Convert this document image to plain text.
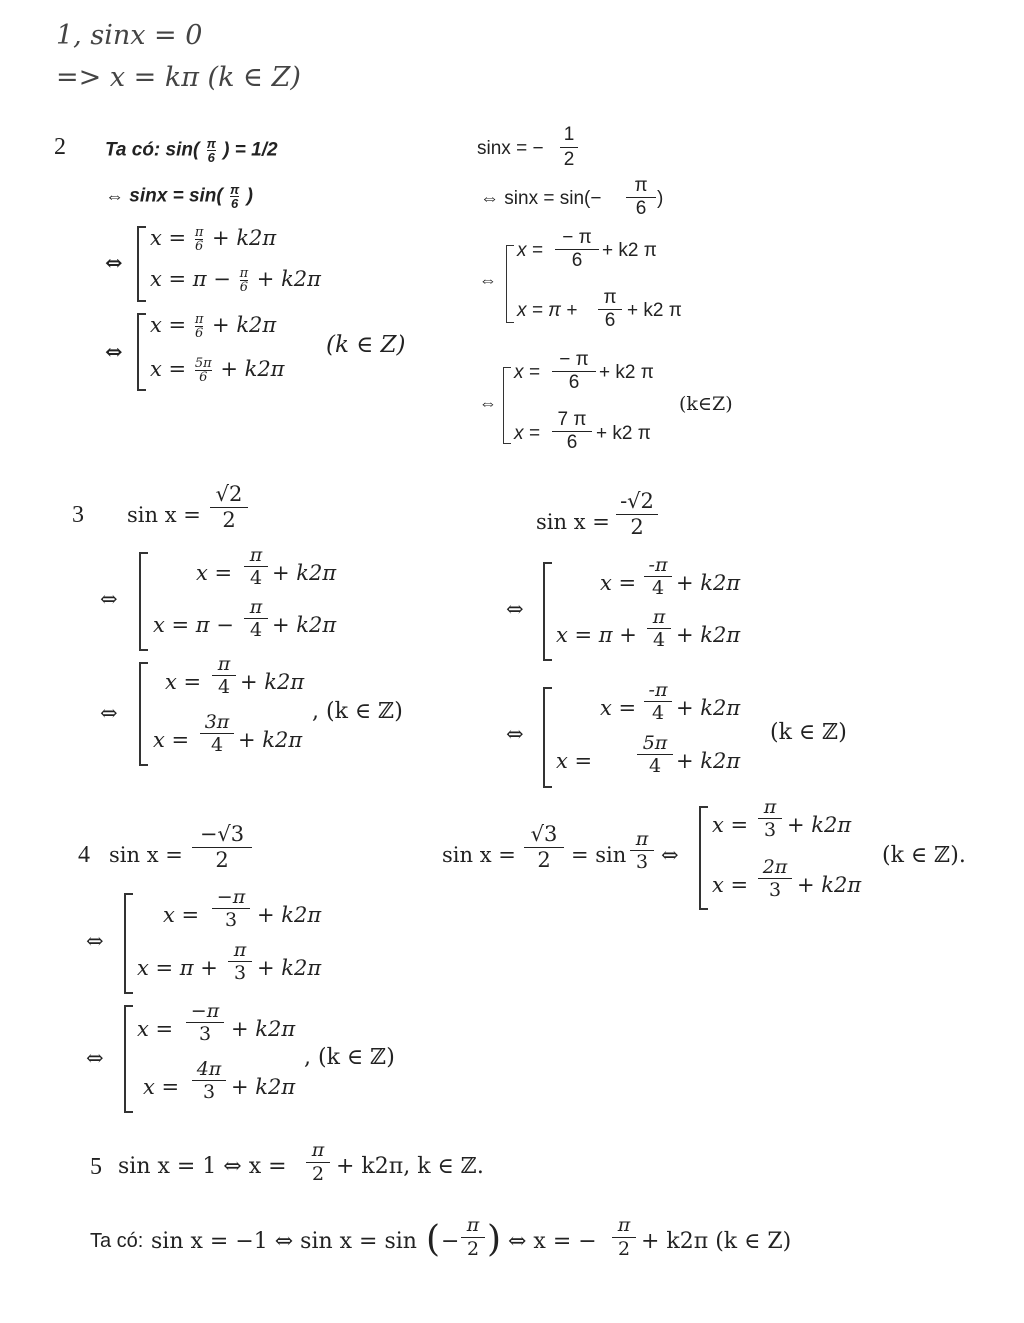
1, sinx = 0
=> x = kπ (k ∈ Z)
2 Ta có: $\sin( \frac{\pi}{6}$ ) = 1/2
⇔ $\sin x = \sin( \frac{\pi}{6}$ )
⇔
$x = \frac{\pi}{6} + k2\pi$
$x = \pi - \frac{\pi}{6} + k2\pi$
⇔
$x = \frac{\pi}{6} + k2\pi$
$x = \frac{5\pi}{6} + k2\pi$
(k ∈ Z)
sinx = −
1
2
⇔ sinx = sin(−
π
6 )
⇔
x =
− π
6	+ k2 π
x = π +
π
6 + k2 π
⇔
x =
− π
6	+ k2 π
x =
7 π
6 + k2 π
(k∈Z)
3 sin x =
√2
2
⇔
x =
π
4 + k2π
x = π −
π
4 + k2π
⇔
x =
π
4 + k2π
x =
3π
4 + k2π
, (k ∈ ℤ)
sin x =
-√2
2
⇔
x =
-π
4 + k2π
x = π +
π
4 + k2π
⇔
x =
-π
4 + k2π
x =
5π
4 + k2π
(k ∈ ℤ)
4 sin x =
−√3
2
⇔
x =
−π
3 + k2π
x = π +
π
3 + k2π
⇔
x =
−π
3 + k2π
x =
4π
3 + k2π
, (k ∈ ℤ)
sin x =
√3
2 = sin
π
3 ⇔
x =
π
3 + k2π
x =
2π
3 + k2π
(k ∈ ℤ).
5 sin x = 1 ⇔ x =
π
2 + k2π, k ∈ ℤ.
Ta có: sin x = −1 ⇔ sin x = sin ( −
π
2 ) ⇔ x = −
π
2 + k2π (k ∈ Z)
